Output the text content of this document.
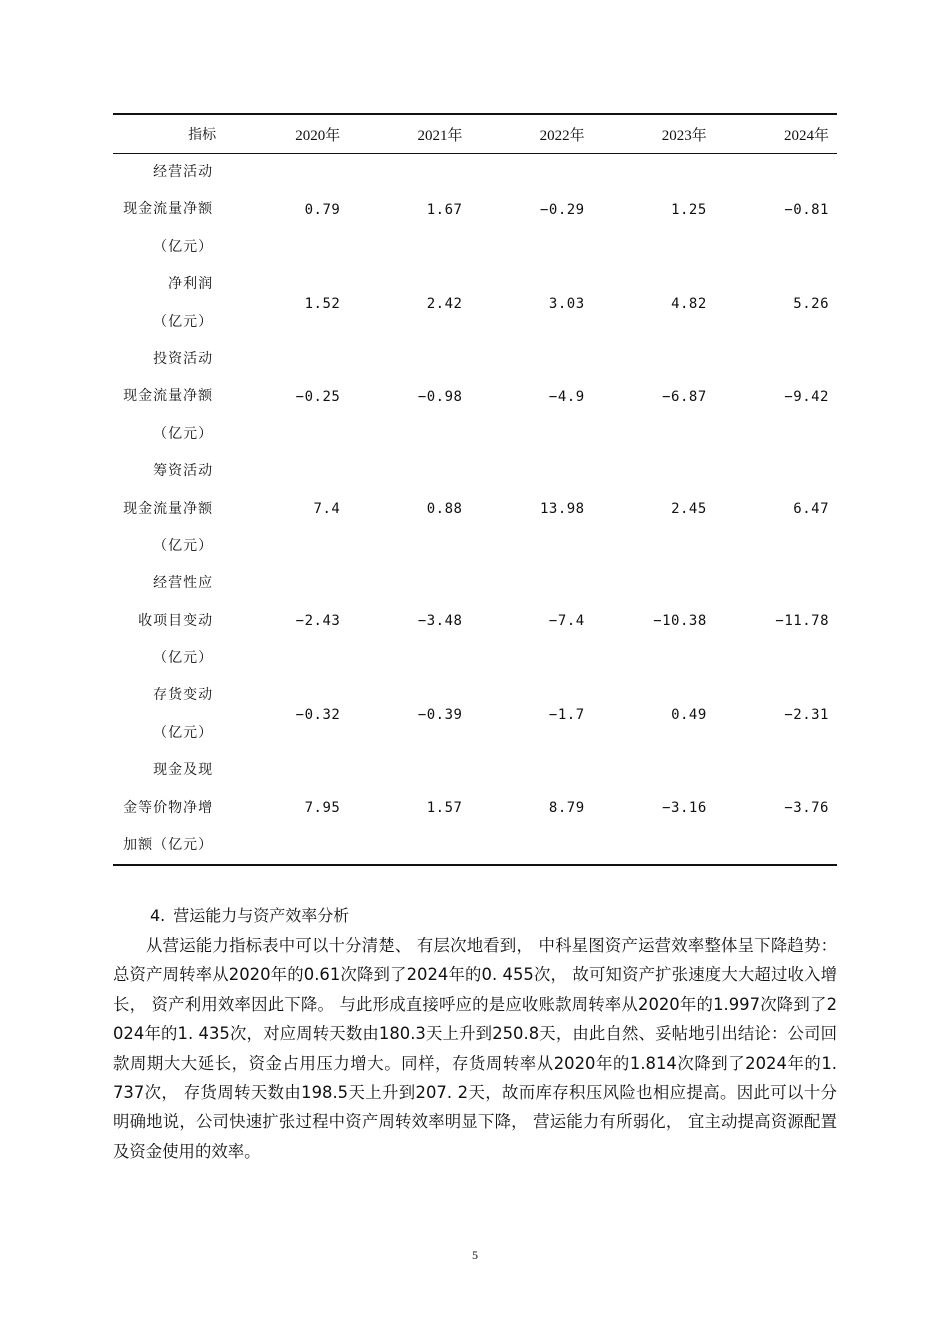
指标	2020年	2021年	2022年	2023年	2024年

经营活动
现金流量净额
（亿元）	0.79	1.67	−0.29	1.25	−0.81

净利润
（亿元）	1.52	2.42	3.03	4.82	5.26

投资活动
现金流量净额
（亿元）	−0.25	−0.98	−4.9	−6.87	−9.42

筹资活动
现金流量净额
（亿元）	7.4	0.88	13.98	2.45	6.47

经营性应
收项目变动
（亿元）	−2.43	−3.48	−7.4	−10.38	−11.78

存货变动
（亿元）	−0.32	−0.39	−1.7	0.49	−2.31

现金及现
金等价物净增
加额（亿元）	7.95	1.57	8.79	−3.16	−3.76
4. 营运能力与资产效率分析

从营运能力指标表中可以十分清楚、 有层次地看到， 中科星图资产运营效率整体呈下降趋势：总资产周转率从2020年的0.61次降到了2024年的0. 455次， 故可知资产扩张速度大大超过收入增长， 资产利用效率因此下降。 与此形成直接呼应的是应收账款周转率从2020年的1.997次降到了2024年的1. 435次，对应周转天数由180.3天上升到250.8天，由此自然、妥帖地引出结论：公司回款周期大大延长，资金占用压力增大。同样，存货周转率从2020年的1.814次降到了2024年的1.　737次， 存货周转天数由198.5天上升到207. 2天，故而库存积压风险也相应提高。因此可以十分明确地说，公司快速扩张过程中资产周转效率明显下降， 营运能力有所弱化， 宜主动提高资源配置及资金使用的效率。

5
